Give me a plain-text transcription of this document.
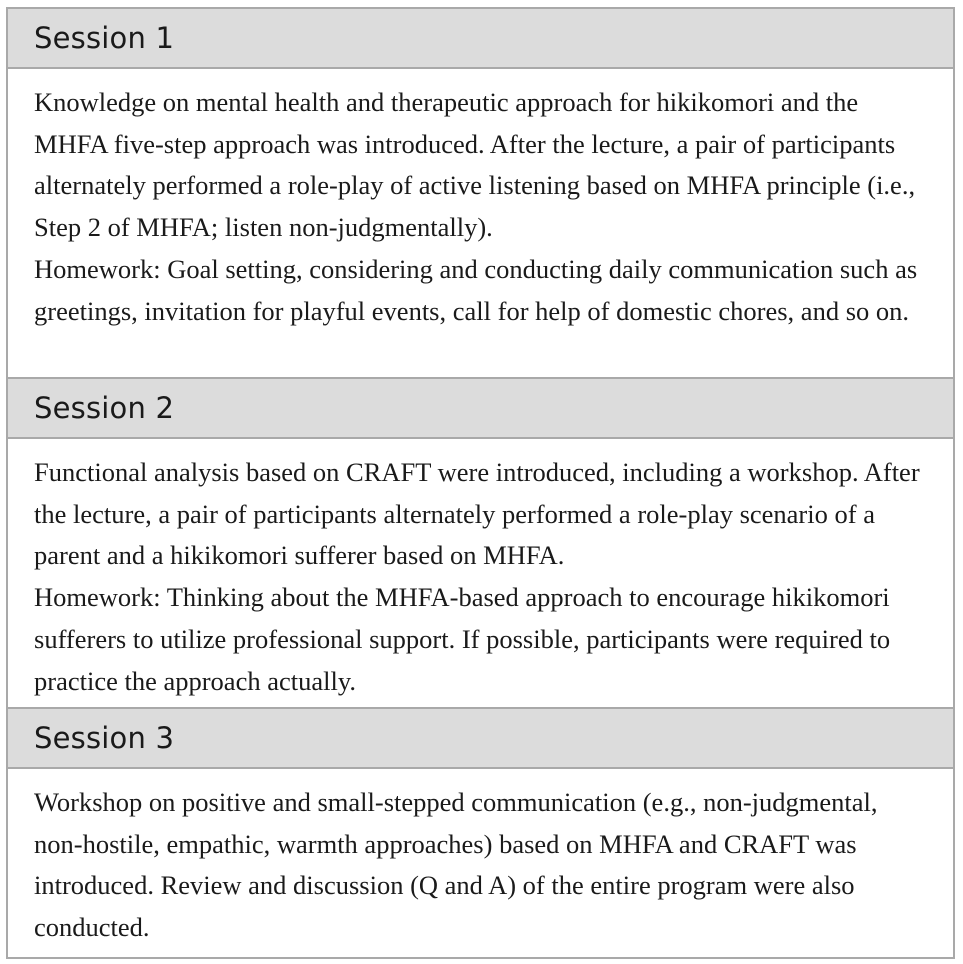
Session 1

Knowledge on mental health and therapeutic approach for hikikomori and the MHFA five-step approach was introduced. After the lecture, a pair of participants alternately performed a role-play of active listening based on MHFA principle (i.e., Step 2 of MHFA; listen non-judgmentally).

Homework: Goal setting, considering and conducting daily communication such as greetings, invitation for playful events, call for help of domestic chores, and so on.

Session 2

Functional analysis based on CRAFT were introduced, including a workshop. After the lecture, a pair of participants alternately performed a role-play scenario of a parent and a hikikomori sufferer based on MHFA.

Homework: Thinking about the MHFA-based approach to encourage hikikomori sufferers to utilize professional support. If possible, participants were required to practice the approach actually.

Session 3

Workshop on positive and small-stepped communication (e.g., non-judgmental, non-hostile, empathic, warmth approaches) based on MHFA and CRAFT was introduced. Review and discussion (Q and A) of the entire program were also conducted.
